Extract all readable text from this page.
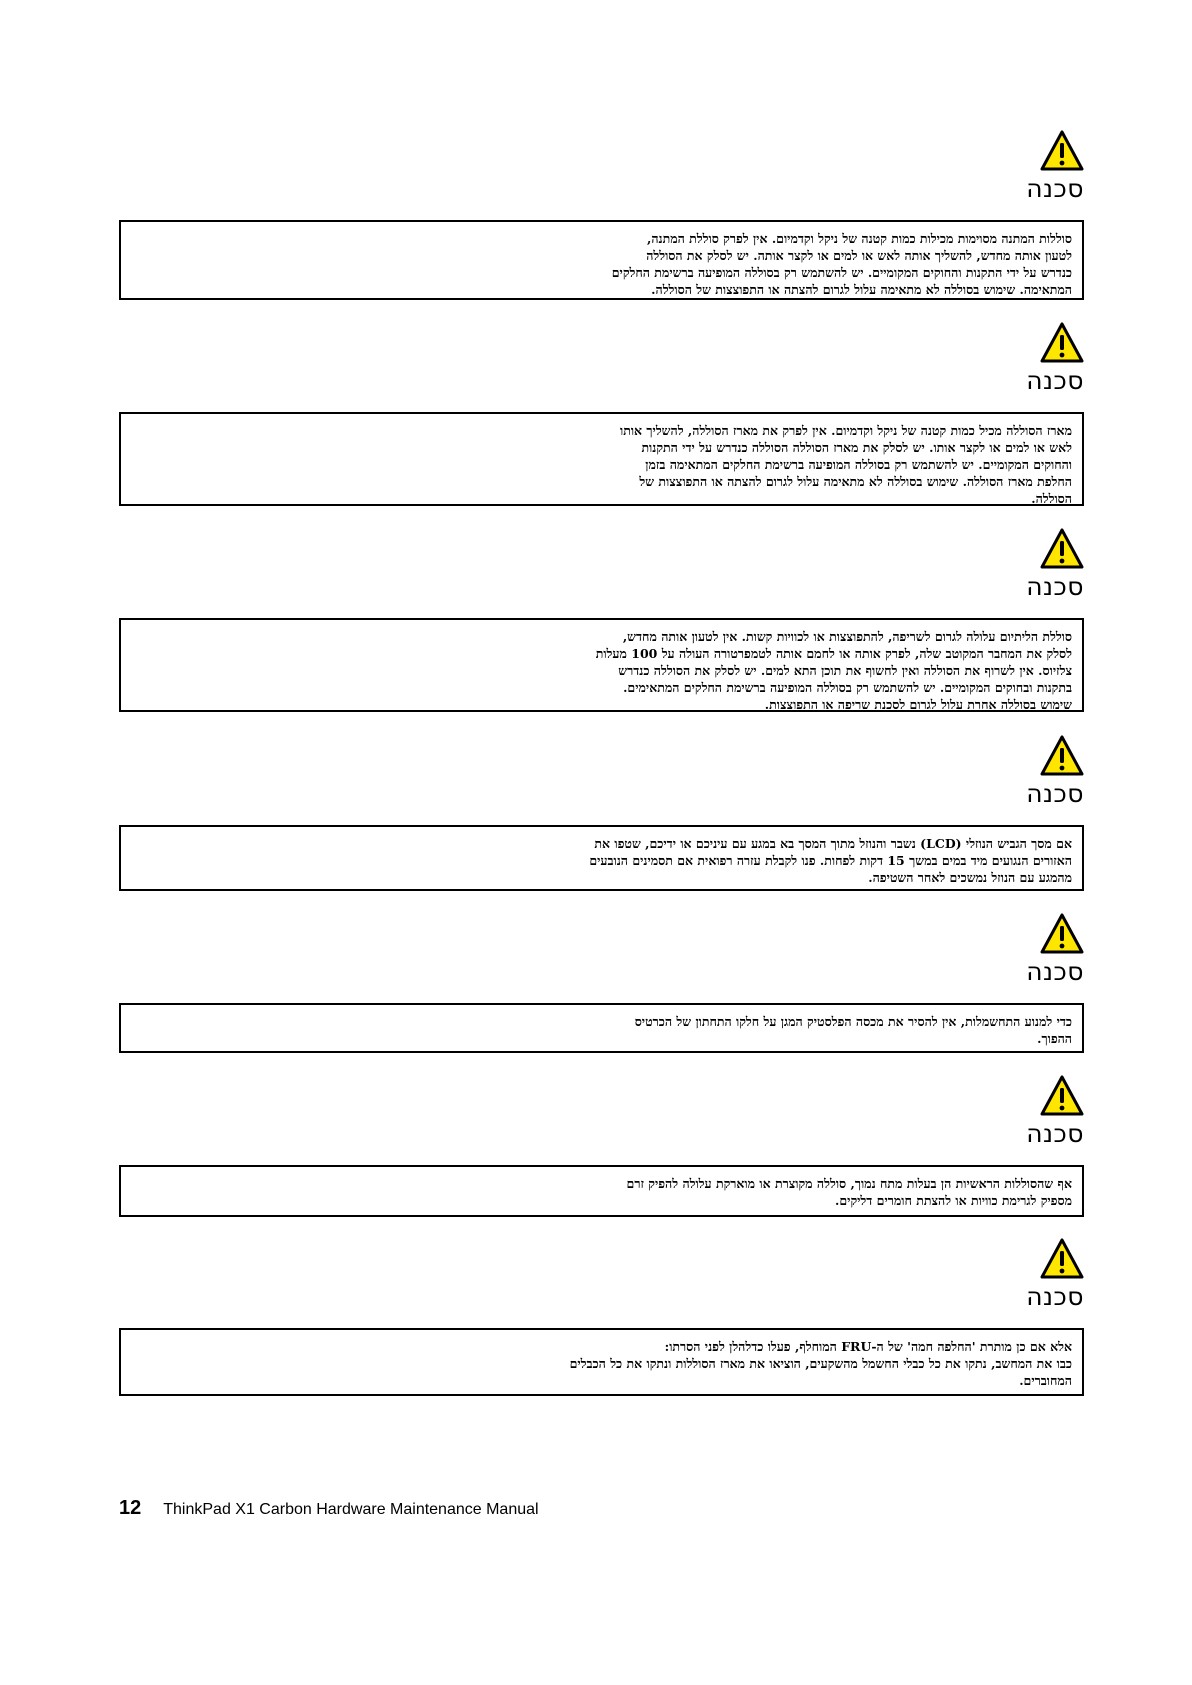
סכנה
סוללות המתנה מסוימות מכילות כמות קטנה של ניקל וקדמיום. אין לפרק סוללת המתנה,
לטעון אותה מחדש, להשליך אותה לאש או למים או לקצר אותה. יש לסלק את הסוללה
כנדרש על ידי התקנות והחוקים המקומיים. יש להשתמש רק בסוללה המופיעה ברשימת החלקים
המתאימה. שימוש בסוללה לא מתאימה עלול לגרום להצתה או התפוצצות של הסוללה.
סכנה
מארז הסוללה מכיל כמות קטנה של ניקל וקדמיום. אין לפרק את מארז הסוללה, להשליך אותו
לאש או למים או לקצר אותו. יש לסלק את מארז הסוללה הסוללה כנדרש על ידי התקנות
והחוקים המקומיים. יש להשתמש רק בסוללה המופיעה ברשימת החלקים המתאימה בזמן
החלפת מארז הסוללה. שימוש בסוללה לא מתאימה עלול לגרום להצתה או התפוצצות של
הסוללה.
סכנה
סוללת הליתיום עלולה לגרום לשריפה, להתפוצצות או לכוויות קשות. אין לטעון אותה מחדש,
לסלק את המחבר המקוטב שלה, לפרק אותה או לחמם אותה לטמפרטורה העולה על 100 מעלות
צלזיוס. אין לשרוף את הסוללה ואין לחשוף את תוכן התא למים. יש לסלק את הסוללה כנדרש
בתקנות ובחוקים המקומיים. יש להשתמש רק בסוללה המופיעה ברשימת החלקים המתאימים.
שימוש בסוללה אחרת עלול לגרום לסכנת שריפה או התפוצצות.
סכנה
אם מסך הגביש הנוזלי (LCD) נשבר והנוזל מתוך המסך בא במגע עם עיניכם או ידיכם, שטפו את
האזורים הנגועים מיד במים במשך 15 דקות לפחות. פנו לקבלת עזרה רפואית אם תסמינים הנובעים
מהמגע עם הנוזל נמשכים לאחר השטיפה.
סכנה
כדי למנוע התחשמלות, אין להסיר את מכסה הפלסטיק המגן על חלקו התחתון של הכרטיס
ההפוך.
סכנה
אף שהסוללות הראשיות הן בעלות מתח נמוך, סוללה מקוצרת או מוארקת עלולה להפיק זרם
מספיק לגרימת כוויות או להצתת חומרים דליקים.
סכנה
אלא אם כן מותרת 'החלפה חמה' של ה-FRU המוחלף, פעלו כדלהלן לפני הסרתו:
כבו את המחשב, נתקו את כל כבלי החשמל מהשקעים, הוציאו את מארז הסוללות ונתקו את כל הכבלים
המחוברים.
12 ThinkPad X1 Carbon Hardware Maintenance Manual
